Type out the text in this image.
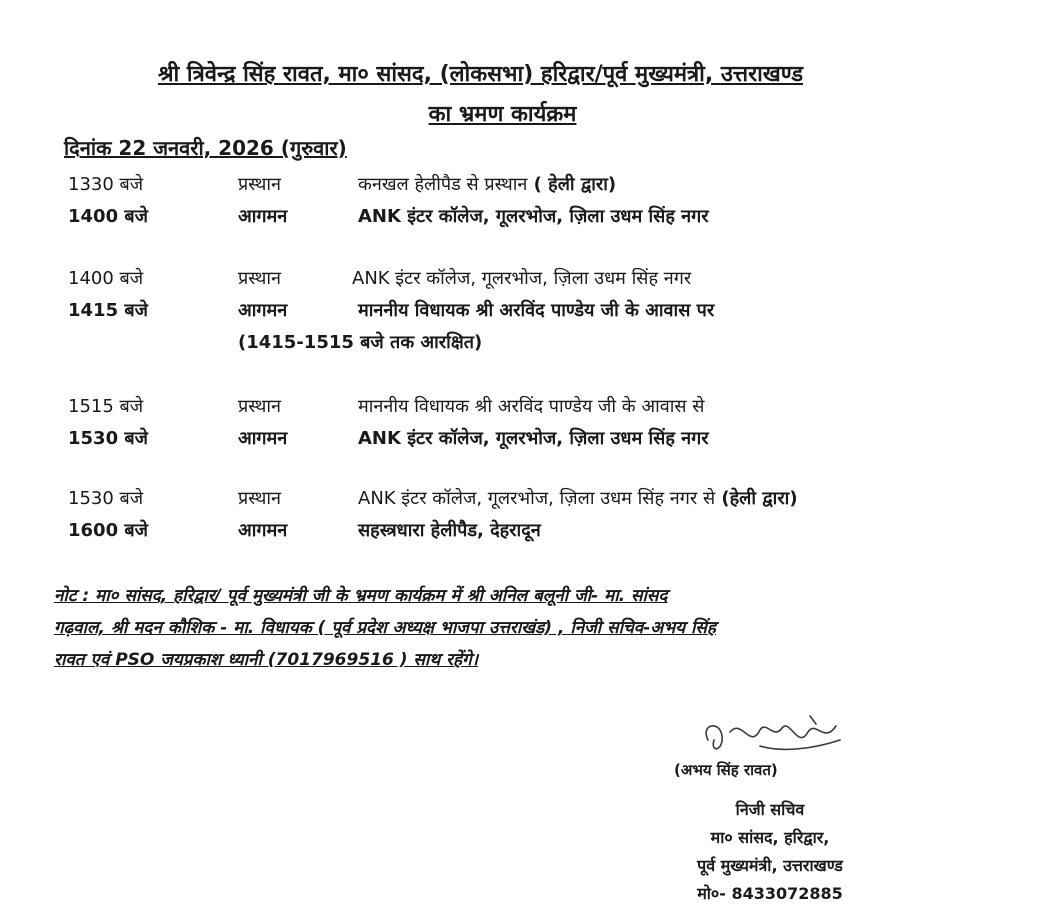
श्री त्रिवेन्द्र सिंह रावत, मा० सांसद, (लोकसभा) हरिद्वार/पूर्व मुख्यमंत्री, उत्तराखण्ड
का भ्रमण कार्यक्रम
दिनांक 22 जनवरी, 2026 (गुरुवार)
1330 बजे	प्रस्थान	कनखल हेलीपैड से प्रस्थान ( हेली द्वारा)
1400 बजे	आगमन	ANK इंटर कॉलेज, गूलरभोज, ज़िला उधम सिंह नगर
1400 बजे	प्रस्थान	ANK इंटर कॉलेज, गूलरभोज, ज़िला उधम सिंह नगर
1415 बजे	आगमन	माननीय विधायक श्री अरविंद पाण्डेय जी के आवास पर
(1415-1515 बजे तक आरक्षित)
1515 बजे	प्रस्थान	माननीय विधायक श्री अरविंद पाण्डेय जी के आवास से
1530 बजे	आगमन	ANK इंटर कॉलेज, गूलरभोज, ज़िला उधम सिंह नगर
1530 बजे	प्रस्थान	ANK इंटर कॉलेज, गूलरभोज, ज़िला उधम सिंह नगर से (हेली द्वारा)
1600 बजे	आगमन	सहस्त्रधारा हेलीपैड, देहरादून
नोट : मा० सांसद, हरिद्वार/ पूर्व मुख्यमंत्री जी के भ्रमण कार्यक्रम में श्री अनिल बलूनी जी- मा. सांसद
गढ़वाल, श्री मदन कौशिक - मा. विधायक ( पूर्व प्रदेश अध्यक्ष भाजपा उत्तराखंड) , निजी सचिव-अभय सिंह
रावत एवं PSO जयप्रकाश ध्यानी (7017969516 ) साथ रहेंगे।
(अभय सिंह रावत)
निजी सचिव
मा० सांसद, हरिद्वार,
पूर्व मुख्यमंत्री, उत्तराखण्ड
मो०- 8433072885
